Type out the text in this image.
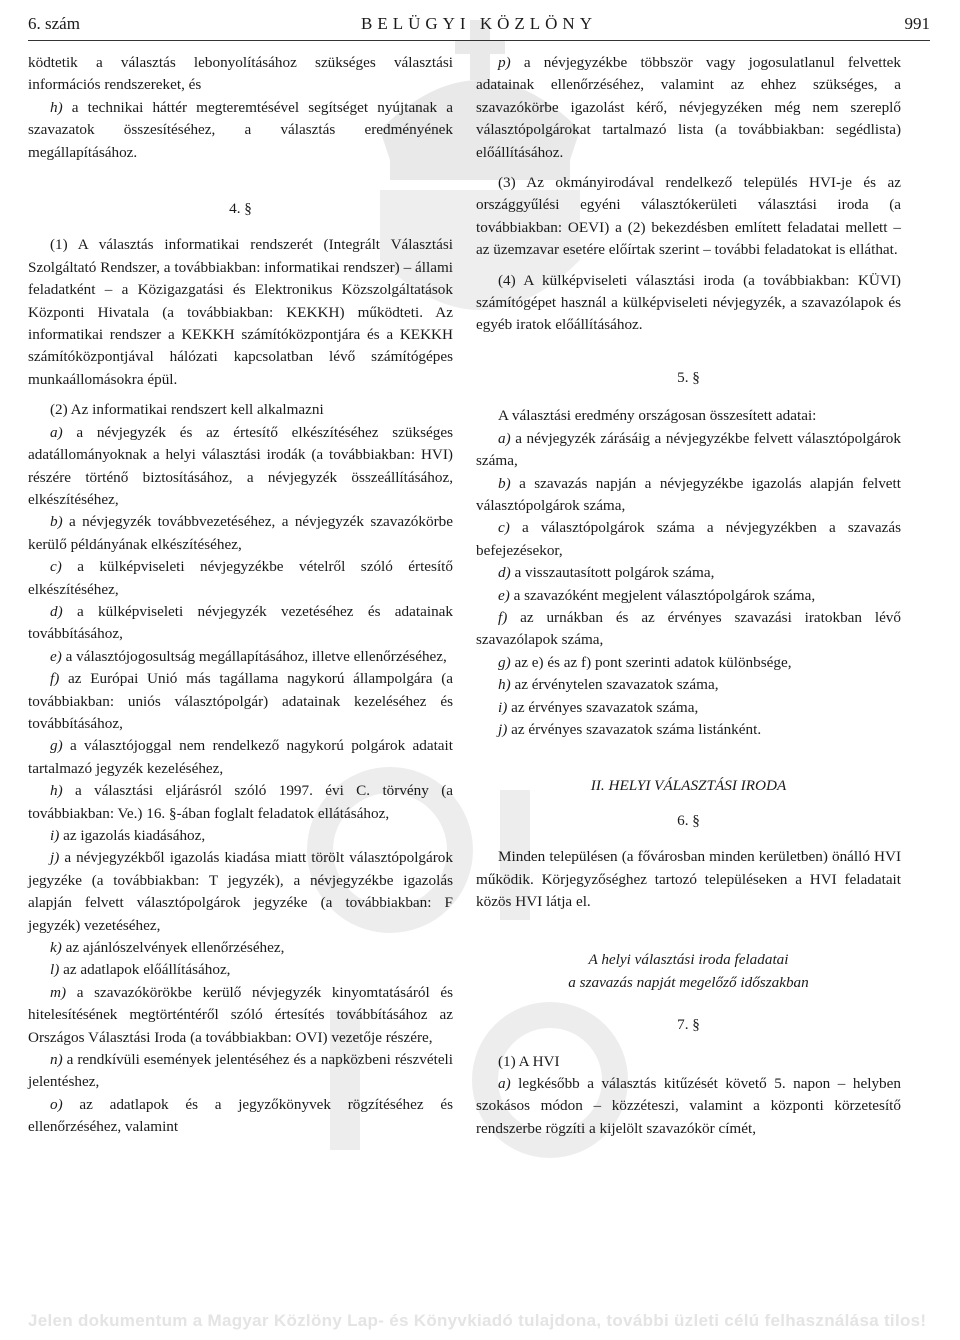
6. szám	BELÜGYI KÖZLÖNY	991

ködtetik a választás lebonyolításához szükséges választási információs rendszereket, és

h) a technikai háttér megteremtésével segítséget nyújtanak a szavazatok összesítéséhez, a választás eredményének megállapításához.

4. §

(1) A választás informatikai rendszerét (Integrált Választási Szolgáltató Rendszer, a továbbiakban: informatikai rendszer) – állami feladatként – a Közigazgatási és Elektronikus Közszolgáltatások Központi Hivatala (a továbbiakban: KEKKH) működteti. Az informatikai rendszer a KEKKH számítóközpontjára és a KEKKH számítóközpontjával hálózati kapcsolatban lévő számítógépes munkaállomásokra épül.

(2) Az informatikai rendszert kell alkalmazni

a) a névjegyzék és az értesítő elkészítéséhez szükséges adatállományoknak a helyi választási irodák (a továbbiakban: HVI) részére történő biztosításához, a névjegyzék összeállításához, elkészítéséhez,

b) a névjegyzék továbbvezetéséhez, a névjegyzék szavazókörbe kerülő példányának elkészítéséhez,

c) a külképviseleti névjegyzékbe vételről szóló értesítő elkészítéséhez,

d) a külképviseleti névjegyzék vezetéséhez és adatainak továbbításához,

e) a választójogosultság megállapításához, illetve ellenőrzéséhez,

f) az Európai Unió más tagállama nagykorú állampolgára (a továbbiakban: uniós választópolgár) adatainak kezeléséhez és továbbításához,

g) a választójoggal nem rendelkező nagykorú polgárok adatait tartalmazó jegyzék kezeléséhez,

h) a választási eljárásról szóló 1997. évi C. törvény (a továbbiakban: Ve.) 16. §-ában foglalt feladatok ellátásához,

i) az igazolás kiadásához,

j) a névjegyzékből igazolás kiadása miatt törölt választópolgárok jegyzéke (a továbbiakban: T jegyzék), a névjegyzékbe igazolás alapján felvett választópolgárok jegyzéke (a továbbiakban: F jegyzék) vezetéséhez,

k) az ajánlószelvények ellenőrzéséhez,

l) az adatlapok előállításához,

m) a szavazókörökbe kerülő névjegyzék kinyomtatásáról és hitelesítésének megtörténtéről szóló értesítés továbbításához az Országos Választási Iroda (a továbbiakban: OVI) vezetője részére,

n) a rendkívüli események jelentéséhez és a napközbeni részvételi jelentéshez,

o) az adatlapok és a jegyzőkönyvek rögzítéséhez és ellenőrzéséhez, valamint

p) a névjegyzékbe többször vagy jogosulatlanul felvettek adatainak ellenőrzéséhez, valamint az ehhez szükséges, a szavazókörbe igazolást kérő, névjegyzéken még nem szereplő választópolgárokat tartalmazó lista (a továbbiakban: segédlista) előállításához.

(3) Az okmányirodával rendelkező település HVI-je és az országgyűlési egyéni választókerületi választási iroda (a továbbiakban: OEVI) a (2) bekezdésben említett feladatai mellett – az üzemzavar esetére előírtak szerint – további feladatokat is elláthat.

(4) A külképviseleti választási iroda (a továbbiakban: KÜVI) számítógépet használ a külképviseleti névjegyzék, a szavazólapok és egyéb iratok előállításához.

5. §

A választási eredmény országosan összesített adatai:

a) a névjegyzék zárásáig a névjegyzékbe felvett választópolgárok száma,

b) a szavazás napján a névjegyzékbe igazolás alapján felvett választópolgárok száma,

c) a választópolgárok száma a névjegyzékben a szavazás befejezésekor,

d) a visszautasított polgárok száma,

e) a szavazóként megjelent választópolgárok száma,

f) az urnákban és az érvényes szavazási iratokban lévő szavazólapok száma,

g) az e) és az f) pont szerinti adatok különbsége,

h) az érvénytelen szavazatok száma,

i) az érvényes szavazatok száma,

j) az érvényes szavazatok száma listánként.

II. HELYI VÁLASZTÁSI IRODA

6. §

Minden településen (a fővárosban minden kerületben) önálló HVI működik. Körjegyzőséghez tartozó településeken a HVI feladatait közös HVI látja el.

A helyi választási iroda feladatai

a szavazás napját megelőző időszakban

7. §

(1) A HVI

a) legkésőbb a választás kitűzését követő 5. napon – helyben szokásos módon – közzéteszi, valamint a központi körzetesítő rendszerbe rögzíti a kijelölt szavazókör címét,

Jelen dokumentum a Magyar Közlöny Lap- és Könyvkiadó tulajdona, további üzleti célú felhasználása tilos!
